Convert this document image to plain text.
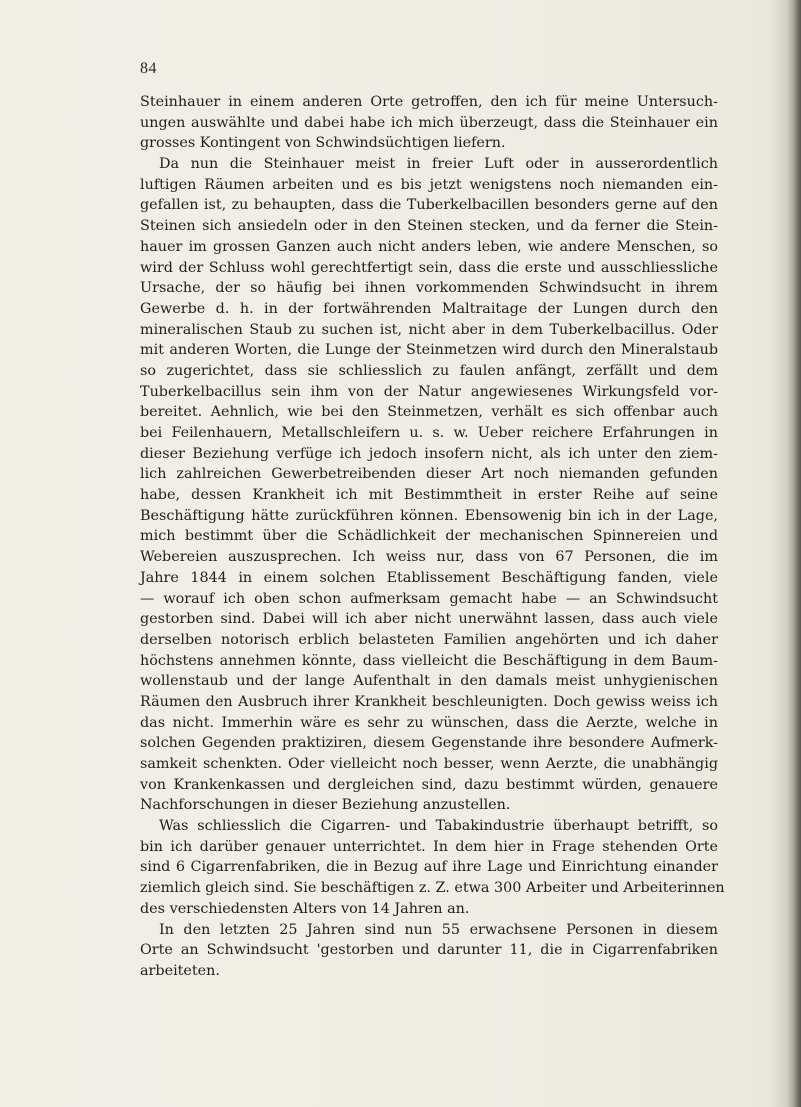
84
Steinhauer in einem anderen Orte getroffen, den ich für meine Untersuch-
ungen auswählte und dabei habe ich mich überzeugt, dass die Steinhauer ein
grosses Kontingent von Schwindsüchtigen liefern.
Da nun die Steinhauer meist in freier Luft oder in ausserordentlich
luftigen Räumen arbeiten und es bis jetzt wenigstens noch niemanden ein-
gefallen ist, zu behaupten, dass die Tuberkelbacillen besonders gerne auf den
Steinen sich ansiedeln oder in den Steinen stecken, und da ferner die Stein-
hauer im grossen Ganzen auch nicht anders leben, wie andere Menschen, so
wird der Schluss wohl gerechtfertigt sein, dass die erste und ausschliessliche
Ursache, der so häufig bei ihnen vorkommenden Schwindsucht in ihrem
Gewerbe d. h. in der fortwährenden Maltraitage der Lungen durch den
mineralischen Staub zu suchen ist, nicht aber in dem Tuberkelbacillus. Oder
mit anderen Worten, die Lunge der Steinmetzen wird durch den Mineralstaub
so zugerichtet, dass sie schliesslich zu faulen anfängt, zerfällt und dem
Tuberkelbacillus sein ihm von der Natur angewiesenes Wirkungsfeld vor-
bereitet. Aehnlich, wie bei den Steinmetzen, verhält es sich offenbar auch
bei Feilenhauern, Metallschleifern u. s. w. Ueber reichere Erfahrungen in
dieser Beziehung verfüge ich jedoch insofern nicht, als ich unter den ziem-
lich zahlreichen Gewerbetreibenden dieser Art noch niemanden gefunden
habe, dessen Krankheit ich mit Bestimmtheit in erster Reihe auf seine
Beschäftigung hätte zurückführen können. Ebensowenig bin ich in der Lage,
mich bestimmt über die Schädlichkeit der mechanischen Spinnereien und
Webereien auszusprechen. Ich weiss nur, dass von 67 Personen, die im
Jahre 1844 in einem solchen Etablissement Beschäftigung fanden, viele
— worauf ich oben schon aufmerksam gemacht habe — an Schwindsucht
gestorben sind. Dabei will ich aber nicht unerwähnt lassen, dass auch viele
derselben notorisch erblich belasteten Familien angehörten und ich daher
höchstens annehmen könnte, dass vielleicht die Beschäftigung in dem Baum-
wollenstaub und der lange Aufenthalt in den damals meist unhygienischen
Räumen den Ausbruch ihrer Krankheit beschleunigten. Doch gewiss weiss ich
das nicht. Immerhin wäre es sehr zu wünschen, dass die Aerzte, welche in
solchen Gegenden praktiziren, diesem Gegenstande ihre besondere Aufmerk-
samkeit schenkten. Oder vielleicht noch besser, wenn Aerzte, die unabhängig
von Krankenkassen und dergleichen sind, dazu bestimmt würden, genauere
Nachforschungen in dieser Beziehung anzustellen.
Was schliesslich die Cigarren- und Tabakindustrie überhaupt betrifft, so
bin ich darüber genauer unterrichtet. In dem hier in Frage stehenden Orte
sind 6 Cigarrenfabriken, die in Bezug auf ihre Lage und Einrichtung einander
ziemlich gleich sind. Sie beschäftigen z. Z. etwa 300 Arbeiter und Arbeiterinnen
des verschiedensten Alters von 14 Jahren an.
In den letzten 25 Jahren sind nun 55 erwachsene Personen in diesem
Orte an Schwindsucht 'gestorben und darunter 11, die in Cigarrenfabriken
arbeiteten.
